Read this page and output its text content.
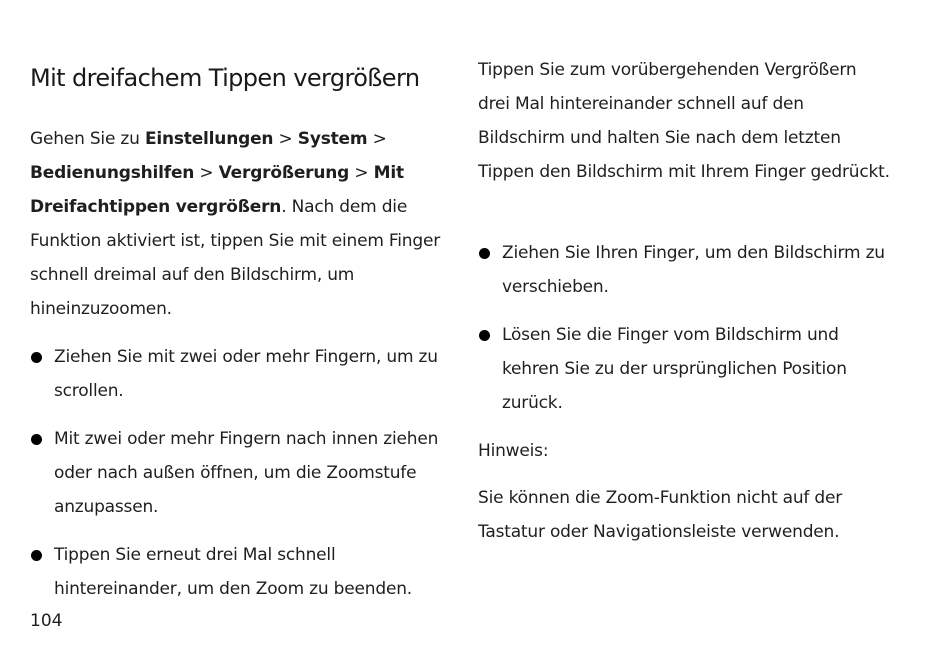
Mit dreifachem Tippen vergrößern

Gehen Sie zu Einstellungen > System > Bedienungshilfen > Vergrößerung > Mit Dreifachtippen vergrößern. Nach dem die Funktion aktiviert ist, tippen Sie mit einem Finger schnell dreimal auf den Bildschirm, um hineinzuzoomen.

Ziehen Sie mit zwei oder mehr Fingern, um zu scrollen.
Mit zwei oder mehr Fingern nach innen ziehen oder nach außen öffnen, um die Zoomstufe anzupassen.
Tippen Sie erneut drei Mal schnell hintereinander, um den Zoom zu beenden.

Tippen Sie zum vorübergehenden Vergrößern drei Mal hintereinander schnell auf den Bildschirm und halten Sie nach dem letzten Tippen den Bildschirm mit Ihrem Finger gedrückt.

Ziehen Sie Ihren Finger, um den Bildschirm zu verschieben.
Lösen Sie die Finger vom Bildschirm und kehren Sie zu der ursprünglichen Position zurück.

Hinweis:

Sie können die Zoom-Funktion nicht auf der Tastatur oder Navigationsleiste verwenden.

104
